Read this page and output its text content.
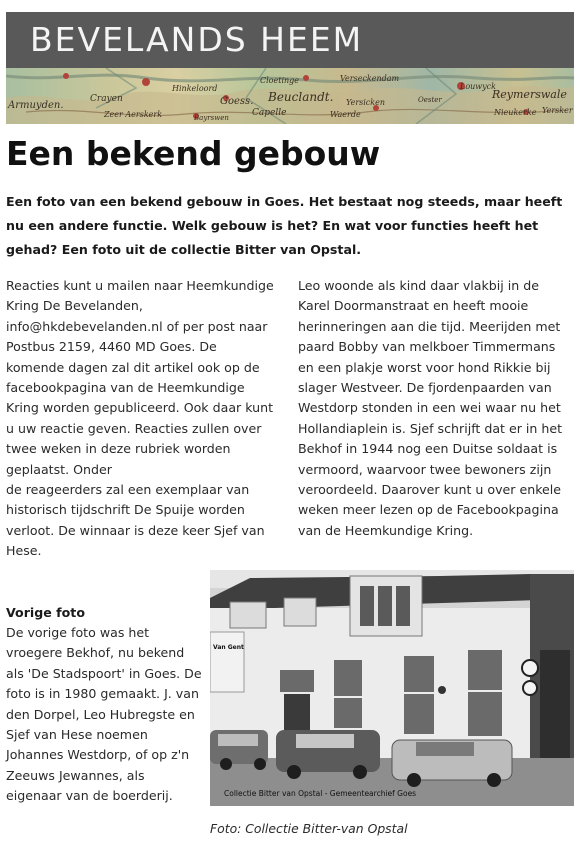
BEVELANDS HEEM
Armuyden.
Crayen
Zeer Aerskerk
Hinkeloord
Goess.
Cloetinge
Beuclandt.
Capelle
Verseckendam
Yersicken
Waerde
Louwyck
Reymerswale
Nieukerke Yersker
Oester
Bayrswen
Een bekend gebouw
Een foto van een bekend gebouw in Goes. Het bestaat nog steeds, maar heeft nu een andere functie. Welk gebouw is het? En wat voor functies heeft het gehad? Een foto uit de collectie Bitter van Opstal.

Reacties kunt u mailen naar Heemkundige Kring De Bevelanden, info@hkdebevelanden.nl of per post naar Postbus 2159, 4460 MD Goes. De komende dagen zal dit artikel ook op de facebookpagina van de Heemkundige Kring worden gepubliceerd. Ook daar kunt u uw reactie geven. Reacties zullen over twee weken in deze rubriek worden geplaatst. Onder

de reageerders zal een exemplaar van historisch tijdschrift De Spuije worden verloot. De winnaar is deze keer Sjef van Hese.

Leo woonde als kind daar vlakbij in de Karel Doormanstraat en heeft mooie herinneringen aan die tijd. Meerijden met paard Bobby van melkboer Timmermans en een plakje worst voor hond Rikkie bij slager Westveer. De fjordenpaarden van Westdorp stonden in een wei waar nu het Hollandiaplein is. Sjef schrijft dat er in het Bekhof in 1944 nog een Duitse soldaat is vermoord, waarvoor twee bewoners zijn veroordeeld. Daarover kunt u over enkele weken meer lezen op de Facebookpagina van de Heemkundige Kring.

Vorige foto

De vorige foto was het vroegere Bekhof, nu bekend als 'De Stadspoort' in Goes. De foto is in 1980 gemaakt. J. van den Dorpel, Leo Hubregste en Sjef van Hese noemen Johannes Westdorp, of op z'n Zeeuws Jewannes, als eigenaar van de boerderij.

Van Gent
Collectie Bitter van Opstal - Gemeentearchief Goes
Foto: Collectie Bitter-van Opstal
